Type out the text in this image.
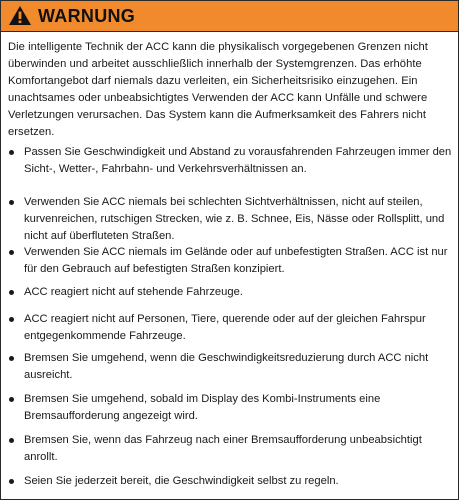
WARNUNG
Die intelligente Technik der ACC kann die physikalisch vorgegebenen Grenzen nicht überwinden und arbeitet ausschließlich innerhalb der Systemgrenzen. Das erhöhte Komfortangebot darf niemals dazu verleiten, ein Sicherheitsrisiko einzugehen. Ein unachtsames oder unbeabsichtigtes Verwenden der ACC kann Unfälle und schwere Verletzungen verursachen. Das System kann die Aufmerksamkeit des Fahrers nicht ersetzen.
Passen Sie Geschwindigkeit und Abstand zu vorausfahrenden Fahrzeugen immer den Sicht-, Wetter-, Fahrbahn- und Verkehrsverhältnissen an.
Verwenden Sie ACC niemals bei schlechten Sichtverhältnissen, nicht auf steilen, kurvenreichen, rutschigen Strecken, wie z. B. Schnee, Eis, Nässe oder Rollsplitt, und nicht auf überfluteten Straßen.
Verwenden Sie ACC niemals im Gelände oder auf unbefestigten Straßen. ACC ist nur für den Gebrauch auf befestigten Straßen konzipiert.
ACC reagiert nicht auf stehende Fahrzeuge.
ACC reagiert nicht auf Personen, Tiere, querende oder auf der gleichen Fahrspur entgegenkommende Fahrzeuge.
Bremsen Sie umgehend, wenn die Geschwindigkeitsreduzierung durch ACC nicht ausreicht.
Bremsen Sie umgehend, sobald im Display des Kombi-Instruments eine Bremsaufforderung angezeigt wird.
Bremsen Sie, wenn das Fahrzeug nach einer Bremsaufforderung unbeabsichtigt anrollt.
Seien Sie jederzeit bereit, die Geschwindigkeit selbst zu regeln.
